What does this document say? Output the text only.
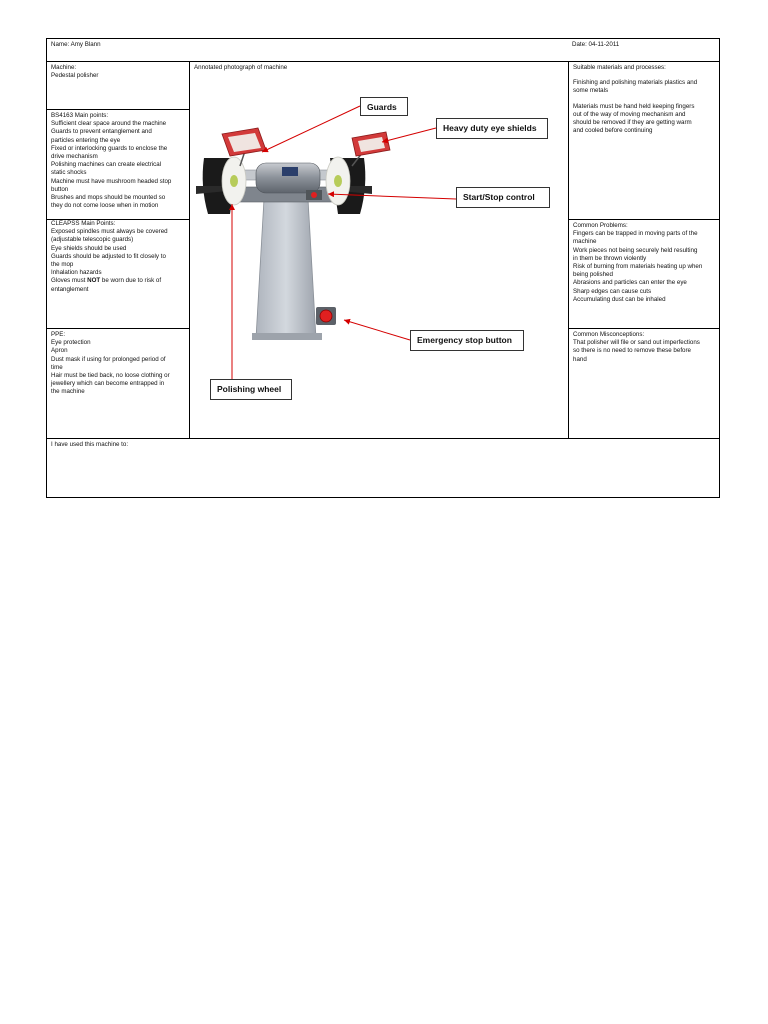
Name: Amy Blann	Date: 04-11-2011
Machine:
Pedestal polisher
BS4163 Main points:
Sufficient clear space around the machine
Guards to prevent entanglement and
particles entering the eye
Fixed or interlocking guards to enclose the
drive mechanism
Polishing machines can create electrical
static shocks
Machine must have mushroom headed stop
button
Brushes and mops should be mounted so
they do not come loose when in motion
CLEAPSS Main Points:
Exposed spindles must always be covered
(adjustable telescopic guards)
Eye shields should be used
Guards should be adjusted to fit closely to
the mop
Inhalation hazards
Gloves must NOT be worn due to risk of
entanglement
PPE:
Eye protection
Apron
Dust mask if using for prolonged period of
time
Hair must be tied back, no loose clothing or
jewellery which can become entrapped in
the machine
Annotated photograph of machine	Suitable materials and processes:
Finishing and polishing materials plastics and
some metals
Materials must be hand held keeping fingers
out of the way of moving mechanism and
should be removed if they are getting warm
and cooled before continuing
Common Problems:
Fingers can be trapped in moving parts of the
machine
Work pieces not being securely held resulting
in them be thrown violently
Risk of burning from materials heating up when
being polished
Abrasions and particles can enter the eye
Sharp edges can cause cuts
Accumulating dust can be inhaled
Common Misconceptions:
That polisher will file or sand out imperfections
so there is no need to remove these before
hand
I have used this machine to:
Guards
Heavy duty eye shields
Start/Stop control
Emergency stop button
Polishing wheel
